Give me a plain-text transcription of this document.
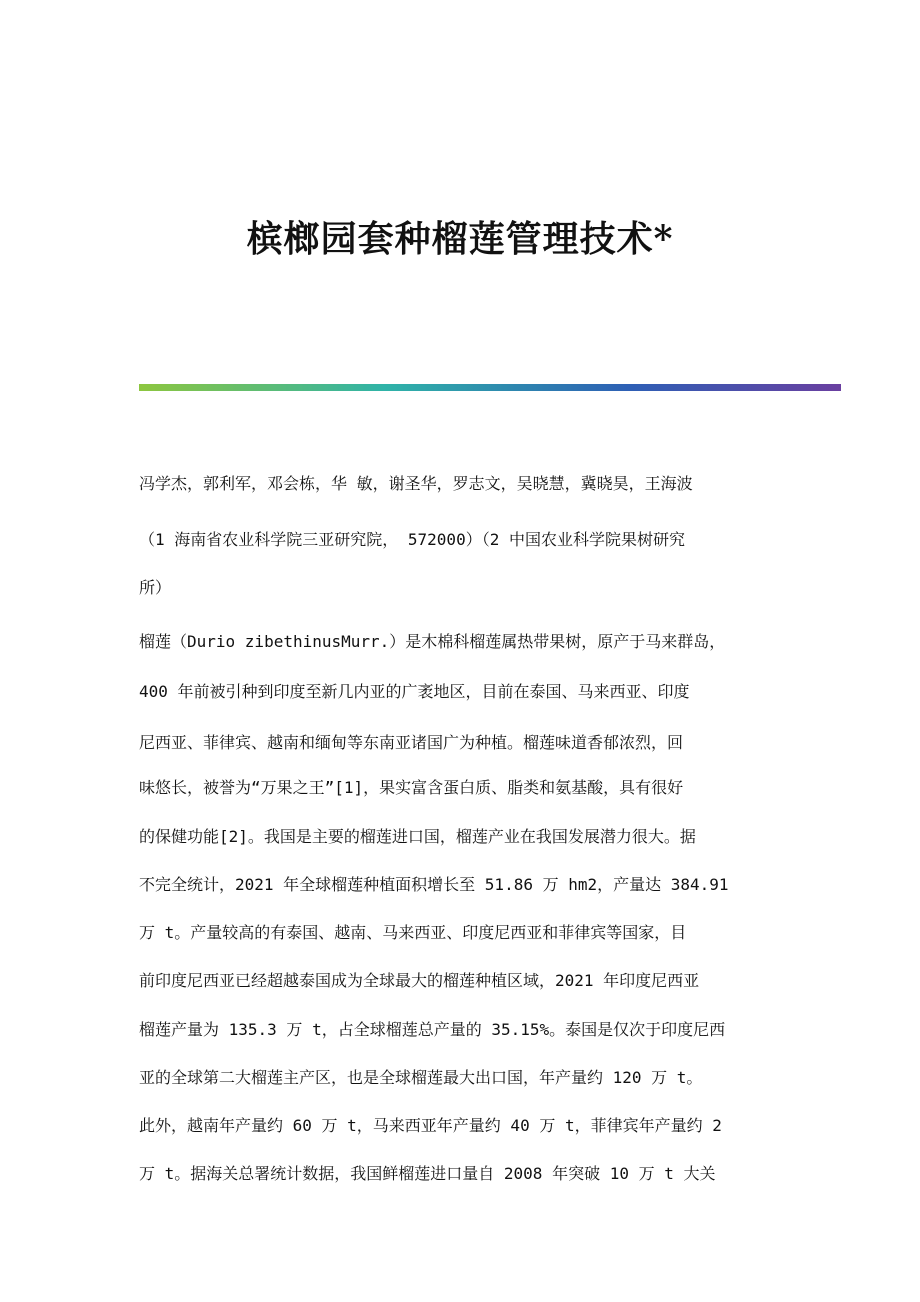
槟榔园套种榴莲管理技术*

冯学杰，郭利军，邓会栋，华 敏，谢圣华，罗志文，吴晓慧，冀晓昊，王海波

（1 海南省农业科学院三亚研究院， 572000）（2 中国农业科学院果树研究

所）

榴莲（Durio zibethinusMurr.）是木棉科榴莲属热带果树，原产于马来群岛，

400 年前被引种到印度至新几内亚的广袤地区，目前在泰国、马来西亚、印度

尼西亚、菲律宾、越南和缅甸等东南亚诸国广为种植。榴莲味道香郁浓烈，回

味悠长，被誉为“万果之王”[1]，果实富含蛋白质、脂类和氨基酸，具有很好

的保健功能[2]。我国是主要的榴莲进口国，榴莲产业在我国发展潜力很大。据

不完全统计，2021 年全球榴莲种植面积增长至 51.86 万 hm2，产量达 384.91

万 t。产量较高的有泰国、越南、马来西亚、印度尼西亚和菲律宾等国家，目

前印度尼西亚已经超越泰国成为全球最大的榴莲种植区域，2021 年印度尼西亚

榴莲产量为 135.3 万 t，占全球榴莲总产量的 35.15%。泰国是仅次于印度尼西

亚的全球第二大榴莲主产区，也是全球榴莲最大出口国，年产量约 120 万 t。

此外，越南年产量约 60 万 t，马来西亚年产量约 40 万 t，菲律宾年产量约 2

万 t。据海关总署统计数据，我国鲜榴莲进口量自 2008 年突破 10 万 t 大关
